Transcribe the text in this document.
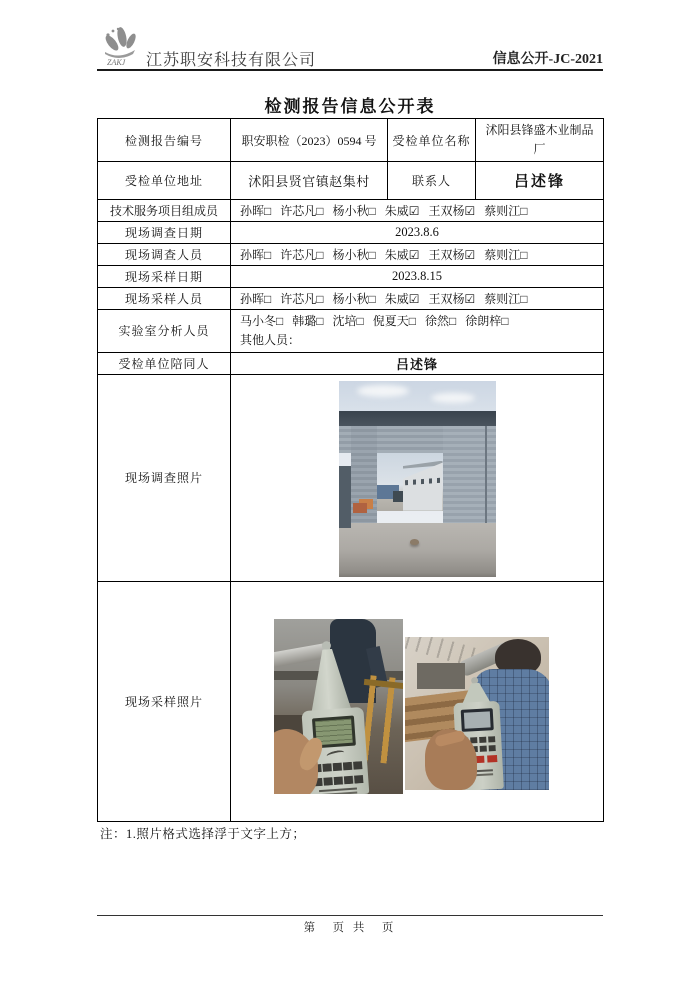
ZAKJ 江苏职安科技有限公司	信息公开-JC-2021
检测报告信息公开表
检测报告编号	职安职检（2023）0594 号	受检单位名称	沭阳县锋盛木业制品厂
受检单位地址	沭阳县贤官镇赵集村	联系人	吕述锋
技术服务项目组成员	孙晖□ 许芯凡□ 杨小秋□ 朱威☑ 王双杨☑ 蔡则江□		
现场调查日期	2023.8.6		
现场调查人员	孙晖□ 许芯凡□ 杨小秋□ 朱威☑ 王双杨☑ 蔡则江□		
现场采样日期	2023.8.15		
现场采样人员	孙晖□ 许芯凡□ 杨小秋□ 朱威☑ 王双杨☑ 蔡则江□		
实验室分析人员	马小冬□ 韩璐□ 沈培□ 倪夏天□ 徐然□ 徐朗梓□
其他人员：		

受检单位陪同人	吕述锋		
现场调查照片			

现场采样照片			
注：1.照片格式选择浮于文字上方；
第　页 共　页
